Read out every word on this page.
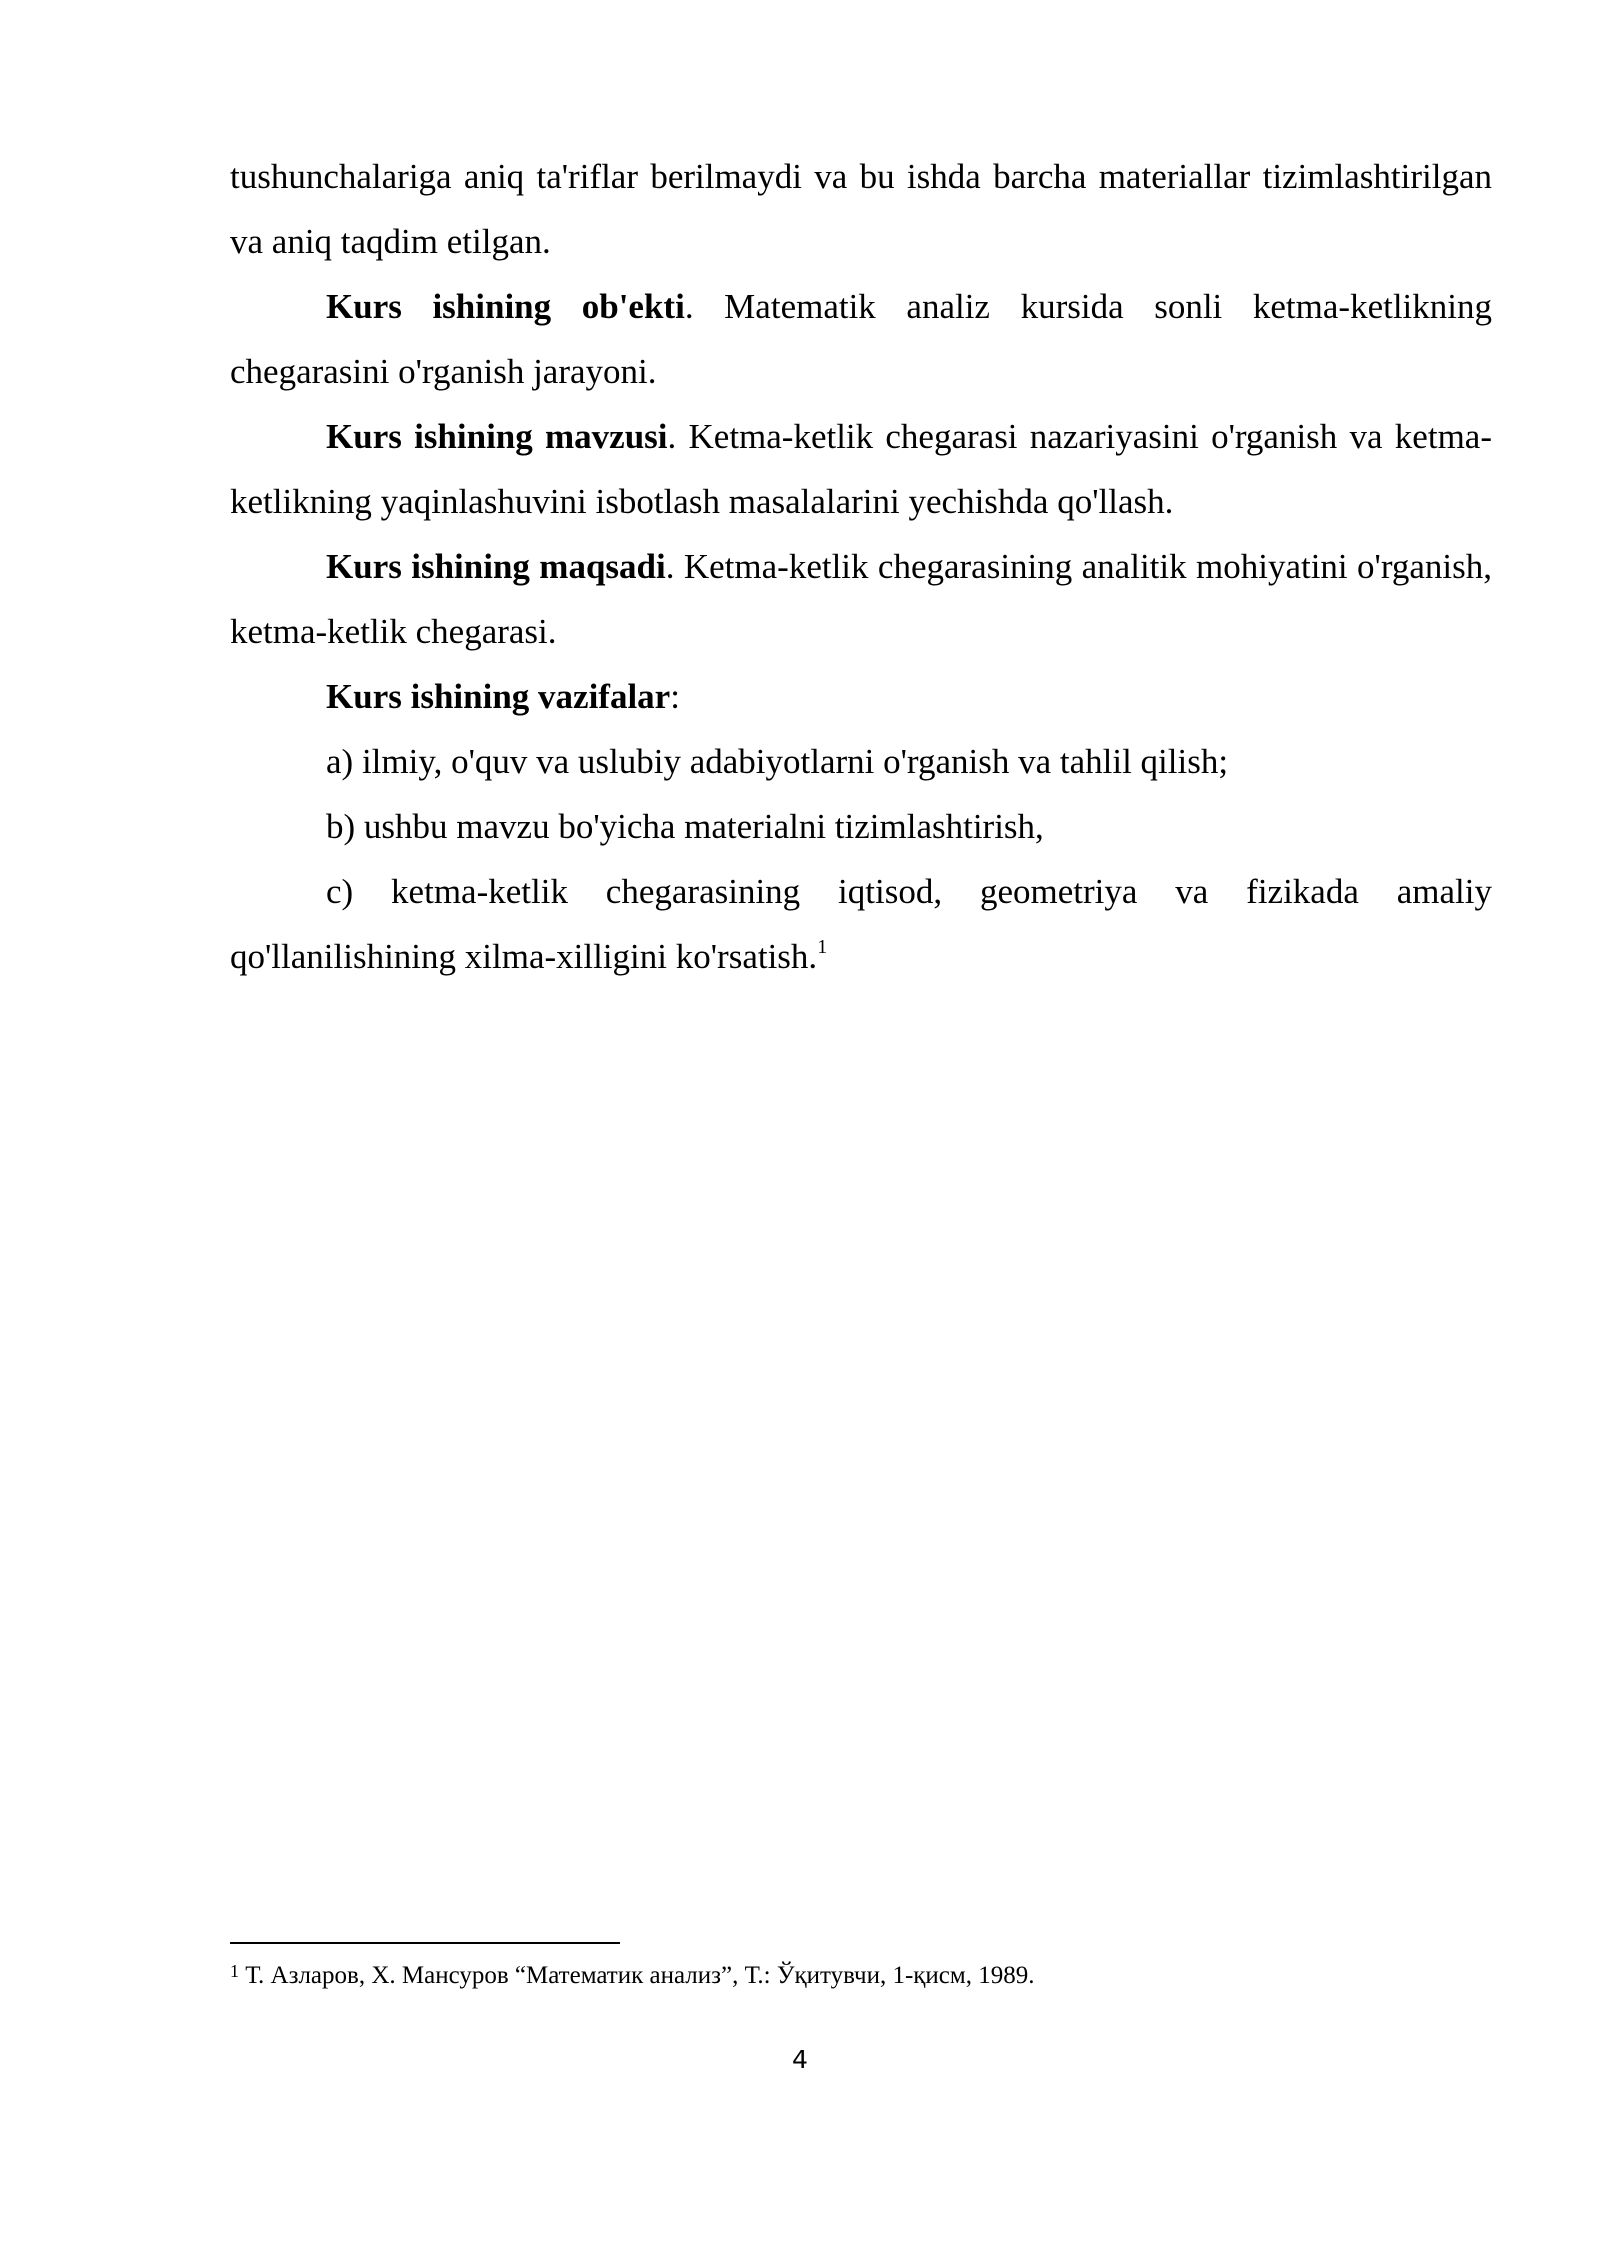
tushunchalariga aniq ta'riflar berilmaydi va bu ishda barcha materiallar tizimlashtirilgan va aniq taqdim etilgan.

Kurs ishining ob'ekti. Matematik analiz kursida sonli ketma-ketlikning chegarasini o'rganish jarayoni.

Kurs ishining mavzusi. Ketma-ketlik chegarasi nazariyasini o'rganish va ketma-ketlikning yaqinlashuvini isbotlash masalalarini yechishda qo'llash.

Kurs ishining maqsadi. Ketma-ketlik chegarasining analitik mohiyatini o'rganish, ketma-ketlik chegarasi.

Kurs ishining vazifalar:

a) ilmiy, o'quv va uslubiy adabiyotlarni o'rganish va tahlil qilish;

b) ushbu mavzu bo'yicha materialni tizimlashtirish,

c) ketma-ketlik chegarasining iqtisod, geometriya va fizikada amaliy qo'llanilishining xilma-xilligini ko'rsatish.$^1$

$^1$ Т. Азларов, Х. Мансуров “Математик анализ”, Т.: Ўқитувчи, 1-қисм, 1989.
4
